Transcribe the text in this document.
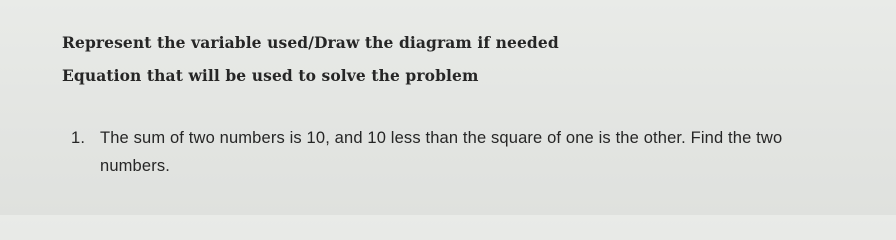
Represent the variable used/Draw the diagram if needed
Equation that will be used to solve the problem
1. The sum of two numbers is 10, and 10 less than the square of one is the other. Find the two
numbers.
